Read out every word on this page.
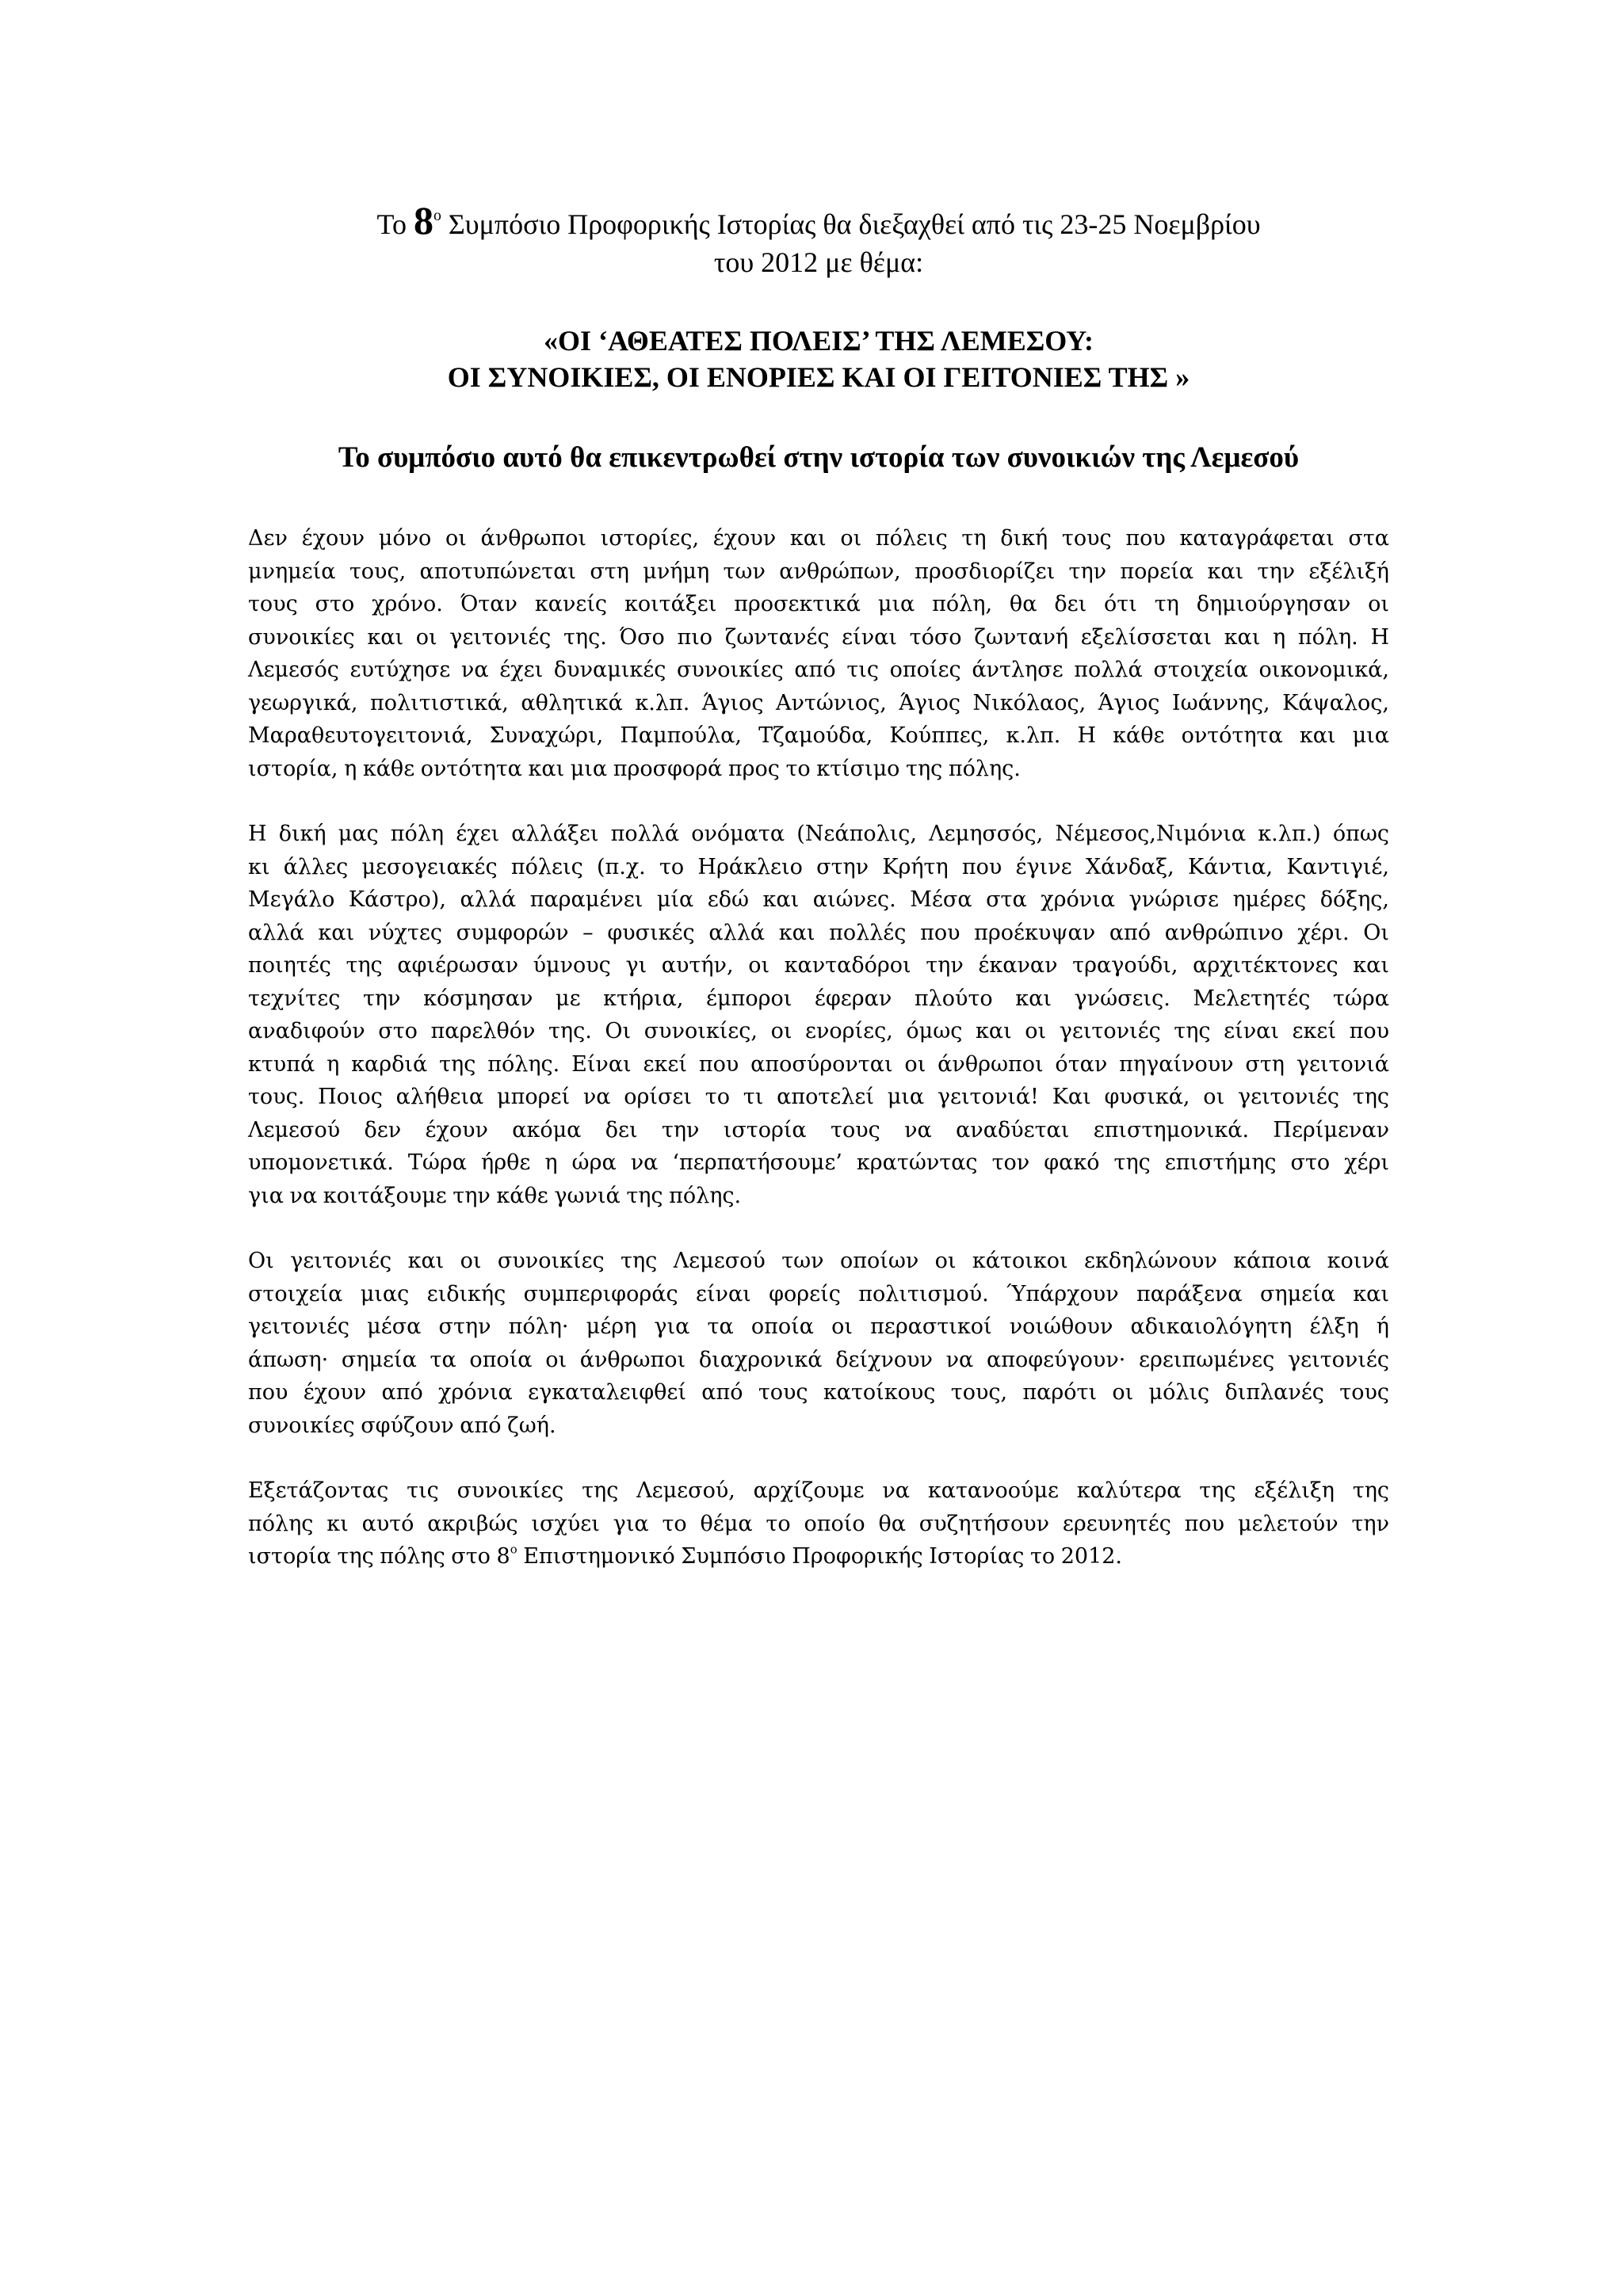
Το $8^o$ Συμπόσιο Προφορικής Ιστορίας θα διεξαχθεί από τις 23-25 Νοεμβρίου
του 2012 με θέμα:

«ΟΙ ‘ΑΘΕΑΤΕΣ ΠΟΛΕΙΣ’ ΤΗΣ ΛΕΜΕΣΟΥ:
ΟΙ ΣΥΝΟΙΚΙΕΣ, ΟΙ ΕΝΟΡΙΕΣ ΚΑΙ ΟΙ ΓΕΙΤΟΝΙΕΣ ΤΗΣ »

Το συμπόσιο αυτό θα επικεντρωθεί στην ιστορία των συνοικιών της Λεμεσού

Δεν έχουν μόνο οι άνθρωποι ιστορίες, έχουν και οι πόλεις τη δική τους που καταγράφεται στα
μνημεία τους, αποτυπώνεται στη μνήμη των ανθρώπων, προσδιορίζει την πορεία και την εξέλιξή
τους στο χρόνο. Όταν κανείς κοιτάξει προσεκτικά μια πόλη, θα δει ότι τη δημιούργησαν οι
συνοικίες και οι γειτονιές της. Όσο πιο ζωντανές είναι τόσο ζωντανή εξελίσσεται και η πόλη. Η
Λεμεσός ευτύχησε να έχει δυναμικές συνοικίες από τις οποίες άντλησε πολλά στοιχεία οικονομικά,
γεωργικά, πολιτιστικά, αθλητικά κ.λπ. Άγιος Αντώνιος, Άγιος Νικόλαος, Άγιος Ιωάννης, Κάψαλος,
Μαραθευτογειτονιά, Συναχώρι, Παμπούλα, Τζαμούδα, Κούππες, κ.λπ. Η κάθε οντότητα και μια
ιστορία, η κάθε οντότητα και μια προσφορά προς το κτίσιμο της πόλης.

Η δική μας πόλη έχει αλλάξει πολλά ονόματα (Νεάπολις, Λεμησσός, Νέμεσος,Νιμόνια κ.λπ.) όπως
κι άλλες μεσογειακές πόλεις (π.χ. το Ηράκλειο στην Κρήτη που έγινε Χάνδαξ, Κάντια, Καντιγιέ,
Μεγάλο Κάστρο), αλλά παραμένει μία εδώ και αιώνες. Μέσα στα χρόνια γνώρισε ημέρες δόξης,
αλλά και νύχτες συμφορών – φυσικές αλλά και πολλές που προέκυψαν από ανθρώπινο χέρι. Οι
ποιητές της αφιέρωσαν ύμνους γι αυτήν, οι κανταδόροι την έκαναν τραγούδι, αρχιτέκτονες και
τεχνίτες την κόσμησαν με κτήρια, έμποροι έφεραν πλούτο και γνώσεις. Μελετητές τώρα
αναδιφούν στο παρελθόν της. Οι συνοικίες, οι ενορίες, όμως και οι γειτονιές της είναι εκεί που
κτυπά η καρδιά της πόλης. Είναι εκεί που αποσύρονται οι άνθρωποι όταν πηγαίνουν στη γειτονιά
τους. Ποιος αλήθεια μπορεί να ορίσει το τι αποτελεί μια γειτονιά! Και φυσικά, οι γειτονιές της
Λεμεσού δεν έχουν ακόμα δει την ιστορία τους να αναδύεται επιστημονικά. Περίμεναν
υπομονετικά. Τώρα ήρθε η ώρα να ‘περπατήσουμε’ κρατώντας τον φακό της επιστήμης στο χέρι
για να κοιτάξουμε την κάθε γωνιά της πόλης.

Οι γειτονιές και οι συνοικίες της Λεμεσού των οποίων οι κάτοικοι εκδηλώνουν κάποια κοινά
στοιχεία μιας ειδικής συμπεριφοράς είναι φορείς πολιτισμού. Ύπάρχουν παράξενα σημεία και
γειτονιές μέσα στην πόλη· μέρη για τα οποία οι περαστικοί νοιώθουν αδικαιολόγητη έλξη ή
άπωση· σημεία τα οποία οι άνθρωποι διαχρονικά δείχνουν να αποφεύγουν· ερειπωμένες γειτονιές
που έχουν από χρόνια εγκαταλειφθεί από τους κατοίκους τους, παρότι οι μόλις διπλανές τους
συνοικίες σφύζουν από ζωή.

Εξετάζοντας τις συνοικίες της Λεμεσού, αρχίζουμε να κατανοούμε καλύτερα της εξέλιξη της
πόλης κι αυτό ακριβώς ισχύει για το θέμα το οποίο θα συζητήσουν ερευνητές που μελετούν την
ιστορία της πόλης στο $8^o$ Επιστημονικό Συμπόσιο Προφορικής Ιστορίας το 2012.
